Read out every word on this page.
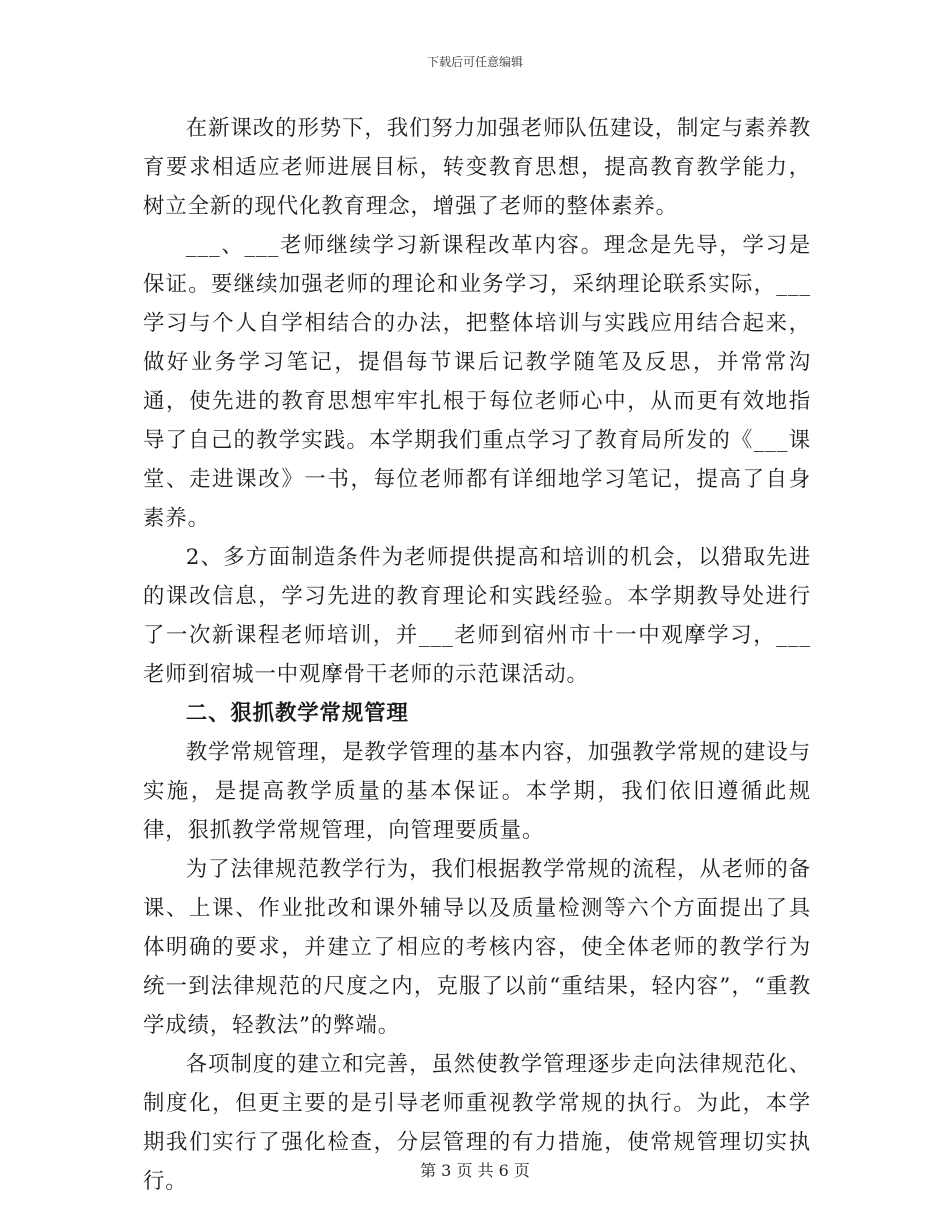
下载后可任意编辑

在新课改的形势下，我们努力加强老师队伍建设，制定与素养教育要求相适应老师进展目标，转变教育思想，提高教育教学能力，树立全新的现代化教育理念，增强了老师的整体素养。

___、___老师继续学习新课程改革内容。理念是先导，学习是保证。要继续加强老师的理论和业务学习，采纳理论联系实际，___学习与个人自学相结合的办法，把整体培训与实践应用结合起来，做好业务学习笔记，提倡每节课后记教学随笔及反思，并常常沟通，使先进的教育思想牢牢扎根于每位老师心中，从而更有效地指导了自己的教学实践。本学期我们重点学习了教育局所发的《___课堂、走进课改》一书，每位老师都有详细地学习笔记，提高了自身素养。

2、多方面制造条件为老师提供提高和培训的机会，以猎取先进的课改信息，学习先进的教育理论和实践经验。本学期教导处进行了一次新课程老师培训，并___老师到宿州市十一中观摩学习，___老师到宿城一中观摩骨干老师的示范课活动。

二、狠抓教学常规管理

教学常规管理，是教学管理的基本内容，加强教学常规的建设与实施，是提高教学质量的基本保证。本学期，我们依旧遵循此规律，狠抓教学常规管理，向管理要质量。

为了法律规范教学行为，我们根据教学常规的流程，从老师的备课、上课、作业批改和课外辅导以及质量检测等六个方面提出了具体明确的要求，并建立了相应的考核内容，使全体老师的教学行为统一到法律规范的尺度之内，克服了以前“重结果，轻内容”，“重教学成绩，轻教法”的弊端。

各项制度的建立和完善，虽然使教学管理逐步走向法律规范化、制度化，但更主要的是引导老师重视教学常规的执行。为此，本学期我们实行了强化检查，分层管理的有力措施，使常规管理切实执行。	第 3 页 共 6 页
